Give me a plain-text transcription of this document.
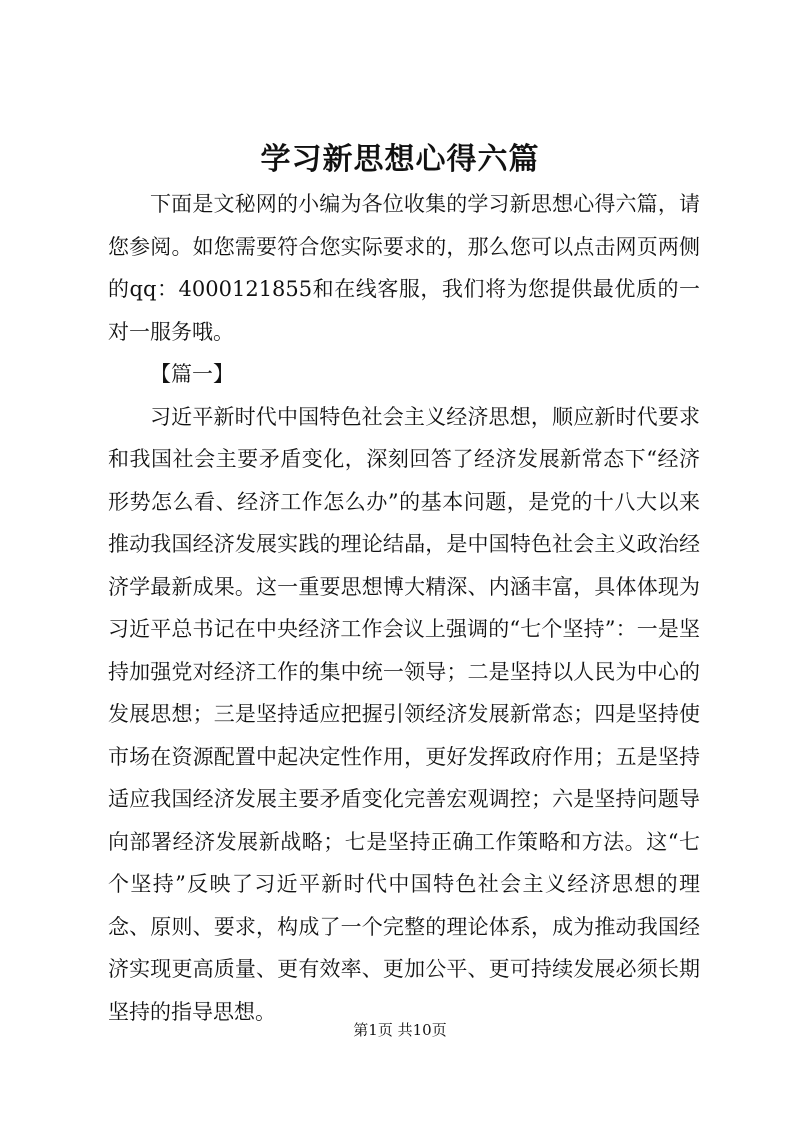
学习新思想心得六篇

下面是文秘网的小编为各位收集的学习新思想心得六篇，请您参阅。如您需要符合您实际要求的，那么您可以点击网页两侧的qq：4000121855和在线客服，我们将为您提供最优质的一对一服务哦。

【篇一】

习近平新时代中国特色社会主义经济思想，顺应新时代要求和我国社会主要矛盾变化，深刻回答了经济发展新常态下“经济形势怎么看、经济工作怎么办”的基本问题，是党的十八大以来推动我国经济发展实践的理论结晶，是中国特色社会主义政治经济学最新成果。这一重要思想博大精深、内涵丰富，具体体现为习近平总书记在中央经济工作会议上强调的“七个坚持”：一是坚持加强党对经济工作的集中统一领导；二是坚持以人民为中心的发展思想；三是坚持适应把握引领经济发展新常态；四是坚持使市场在资源配置中起决定性作用，更好发挥政府作用；五是坚持适应我国经济发展主要矛盾变化完善宏观调控；六是坚持问题导向部署经济发展新战略；七是坚持正确工作策略和方法。这“七个坚持”反映了习近平新时代中国特色社会主义经济思想的理念、原则、要求，构成了一个完整的理论体系，成为推动我国经济实现更高质量、更有效率、更加公平、更可持续发展必须长期坚持的指导思想。

第1页 共10页
